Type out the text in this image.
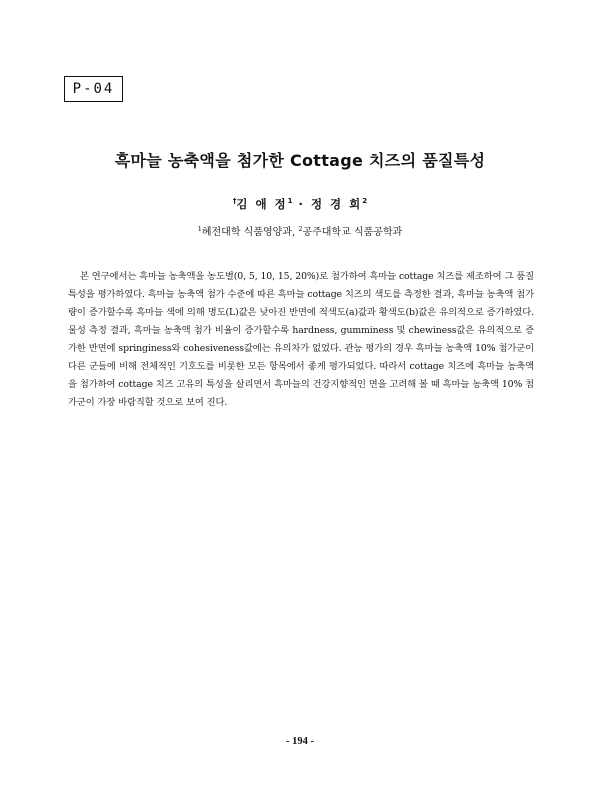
P-04
흑마늘 농축액을 첨가한 Cottage 치즈의 품질특성
†김 애 정$^1$ · 정 경 희$^2$
$^1$혜전대학 식품영양과, $^2$공주대학교 식품공학과

본 연구에서는 흑마늘 농축액을 농도별(0, 5, 10, 15, 20%)로 첨가하여 흑마늘 cottage 치즈를 제조하여 그 품질 특성을 평가하였다. 흑마늘 농축액 첨가 수준에 따른 흑마늘 cottage 치즈의 색도를 측정한 결과, 흑마늘 농축액 첨가량이 증가할수록 흑마늘 색에 의해 명도(L)값은 낮아진 반면에 적색도(a)값과 황색도(b)값은 유의적으로 증가하였다. 물성 측정 결과, 흑마늘 농축액 첨가 비율이 증가할수록 hardness, gumminess 및 chewiness값은 유의적으로 증가한 반면에 springiness와 cohesiveness값에는 유의차가 없었다. 관능 평가의 경우 흑마늘 농축액 10% 첨가군이 다른 군들에 비해 전체적인 기호도를 비롯한 모든 항목에서 좋게 평가되었다. 따라서 cottage 치즈에 흑마늘 농축액을 첨가하여 cottage 치즈 고유의 특성을 살리면서 흑마늘의 건강지향적인 면을 고려해 볼 때 흑마늘 농축액 10% 첨가군이 가장 바람직할 것으로 보여 진다.

- 194 -
